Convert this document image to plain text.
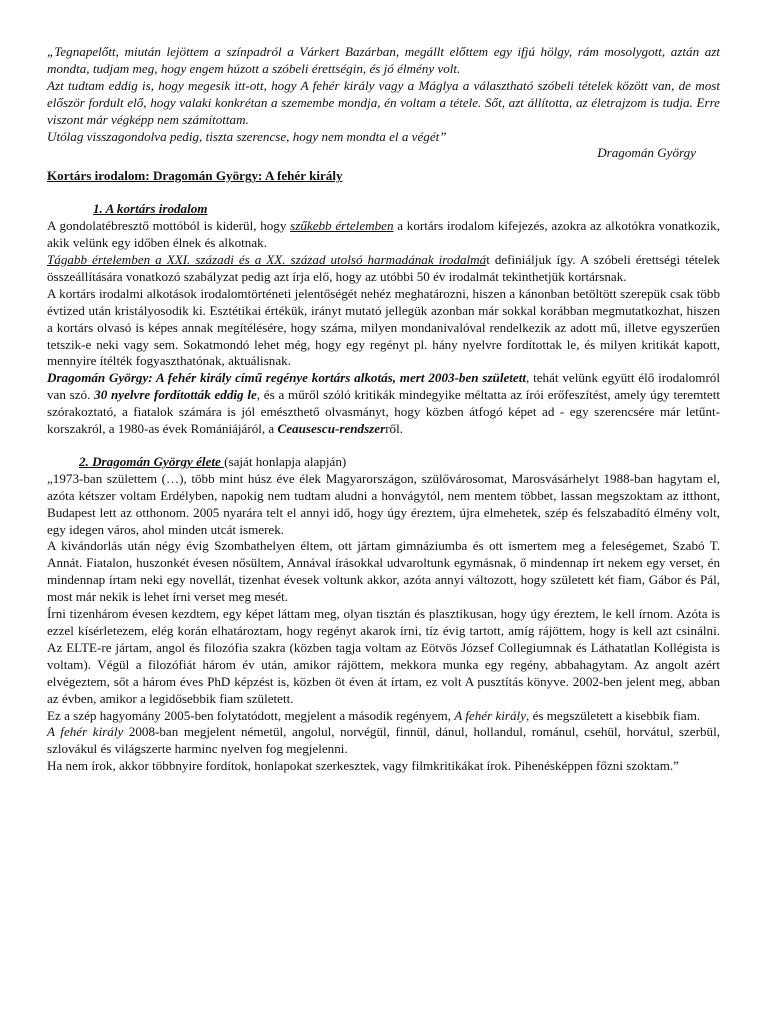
„Tegnapelőtt, miután lejöttem a színpadról a Várkert Bazárban, megállt előttem egy ifjú hölgy, rám mosolygott, aztán azt mondta, tudjam meg, hogy engem húzott a szóbeli érettségin, és jó élmény volt.

Azt tudtam eddig is, hogy megesik itt-ott, hogy A fehér király vagy a Máglya a választható szóbeli tételek között van, de most először fordult elő, hogy valaki konkrétan a szemembe mondja, én voltam a tétele. Sőt, azt állította, az életrajzom is tudja. Erre viszont már végképp nem számítottam.

Utólag visszagondolva pedig, tiszta szerencse, hogy nem mondta el a végét”

Dragomán György

Kortárs irodalom: Dragomán György: A fehér király

1. A kortárs irodalom

A gondolatébresztő mottóból is kiderül, hogy szűkebb értelemben a kortárs irodalom kifejezés, azokra az alkotókra vonatkozik, akik velünk egy időben élnek és alkotnak.

Tágabb értelemben a XXI. századi és a XX. század utolsó harmadának irodalmát definiáljuk így. A szóbeli érettségi tételek összeállítására vonatkozó szabályzat pedig azt írja elő, hogy az utóbbi 50 év irodalmát tekinthetjük kortársnak.

A kortárs irodalmi alkotások irodalomtörténeti jelentőségét nehéz meghatározni, hiszen a kánonban betöltött szerepük csak több évtized után kristályosodik ki. Esztétikai értékük, irányt mutató jellegük azonban már sokkal korábban megmutatkozhat, hiszen a kortárs olvasó is képes annak megítélésére, hogy száma, milyen mondanivalóval rendelkezik az adott mű, illetve egyszerűen tetszik-e neki vagy sem. Sokatmondó lehet még, hogy egy regényt pl. hány nyelvre fordítottak le, és milyen kritikát kapott, mennyire ítélték fogyaszthatónak, aktuálisnak.

Dragomán György: A fehér király című regénye kortárs alkotás, mert 2003-ben született, tehát velünk együtt élő irodalomról van szó. 30 nyelvre fordították eddig le, és a műről szóló kritikák mindegyike méltatta az írói erőfeszítést, amely úgy teremtett szórakoztató, a fiatalok számára is jól emészthető olvasmányt, hogy közben átfogó képet ad - egy szerencsére már letűnt- korszakról, a 1980-as évek Romániájáról, a Ceausescu-rendszerről.

2. Dragomán György élete (saját honlapja alapján)

„1973-ban születtem (…), több mint húsz éve élek Magyarországon, szülővárosomat, Marosvásárhelyt 1988-ban hagytam el, azóta kétszer voltam Erdélyben, napokig nem tudtam aludni a honvágytól, nem mentem többet, lassan megszoktam az itthont, Budapest lett az otthonom. 2005 nyarára telt el annyi idő, hogy úgy éreztem, újra elmehetek, szép és felszabadító élmény volt, egy idegen város, ahol minden utcát ismerek.

A kivándorlás után négy évig Szombathelyen éltem, ott jártam gimnáziumba és ott ismertem meg a feleségemet, Szabó T. Annát. Fiatalon, huszonkét évesen nősültem, Annával írásokkal udvaroltunk egymásnak, ő mindennap írt nekem egy verset, én mindennap írtam neki egy novellát, tizenhat évesek voltunk akkor, azóta annyi változott, hogy született két fiam, Gábor és Pál, most már nekik is lehet írni verset meg mesét.

Írni tizenhárom évesen kezdtem, egy képet láttam meg, olyan tisztán és plasztikusan, hogy úgy éreztem, le kell írnom. Azóta is ezzel kísérletezem, elég korán elhatároztam, hogy regényt akarok írni, tíz évig tartott, amíg rájöttem, hogy is kell azt csinálni. Az ELTE-re jártam, angol és filozófia szakra (közben tagja voltam az Eötvös József Collegiumnak és Láthatatlan Kollégista is voltam). Végül a filozófiát három év után, amikor rájöttem, mekkora munka egy regény, abbahagytam. Az angolt azért elvégeztem, sőt a három éves PhD képzést is, közben öt éven át írtam, ez volt A pusztítás könyve. 2002-ben jelent meg, abban az évben, amikor a legidősebbik fiam született.

Ez a szép hagyomány 2005-ben folytatódott, megjelent a második regényem, A fehér király, és megszületett a kisebbik fiam.

A fehér király 2008-ban megjelent németül, angolul, norvégül, finnül, dánul, hollandul, románul, csehül, horvátul, szerbül, szlovákul és világszerte harminc nyelven fog megjelenni.

Ha nem írok, akkor többnyire fordítok, honlapokat szerkesztek, vagy filmkritikákat írok. Pihenésképpen főzni szoktam.”
